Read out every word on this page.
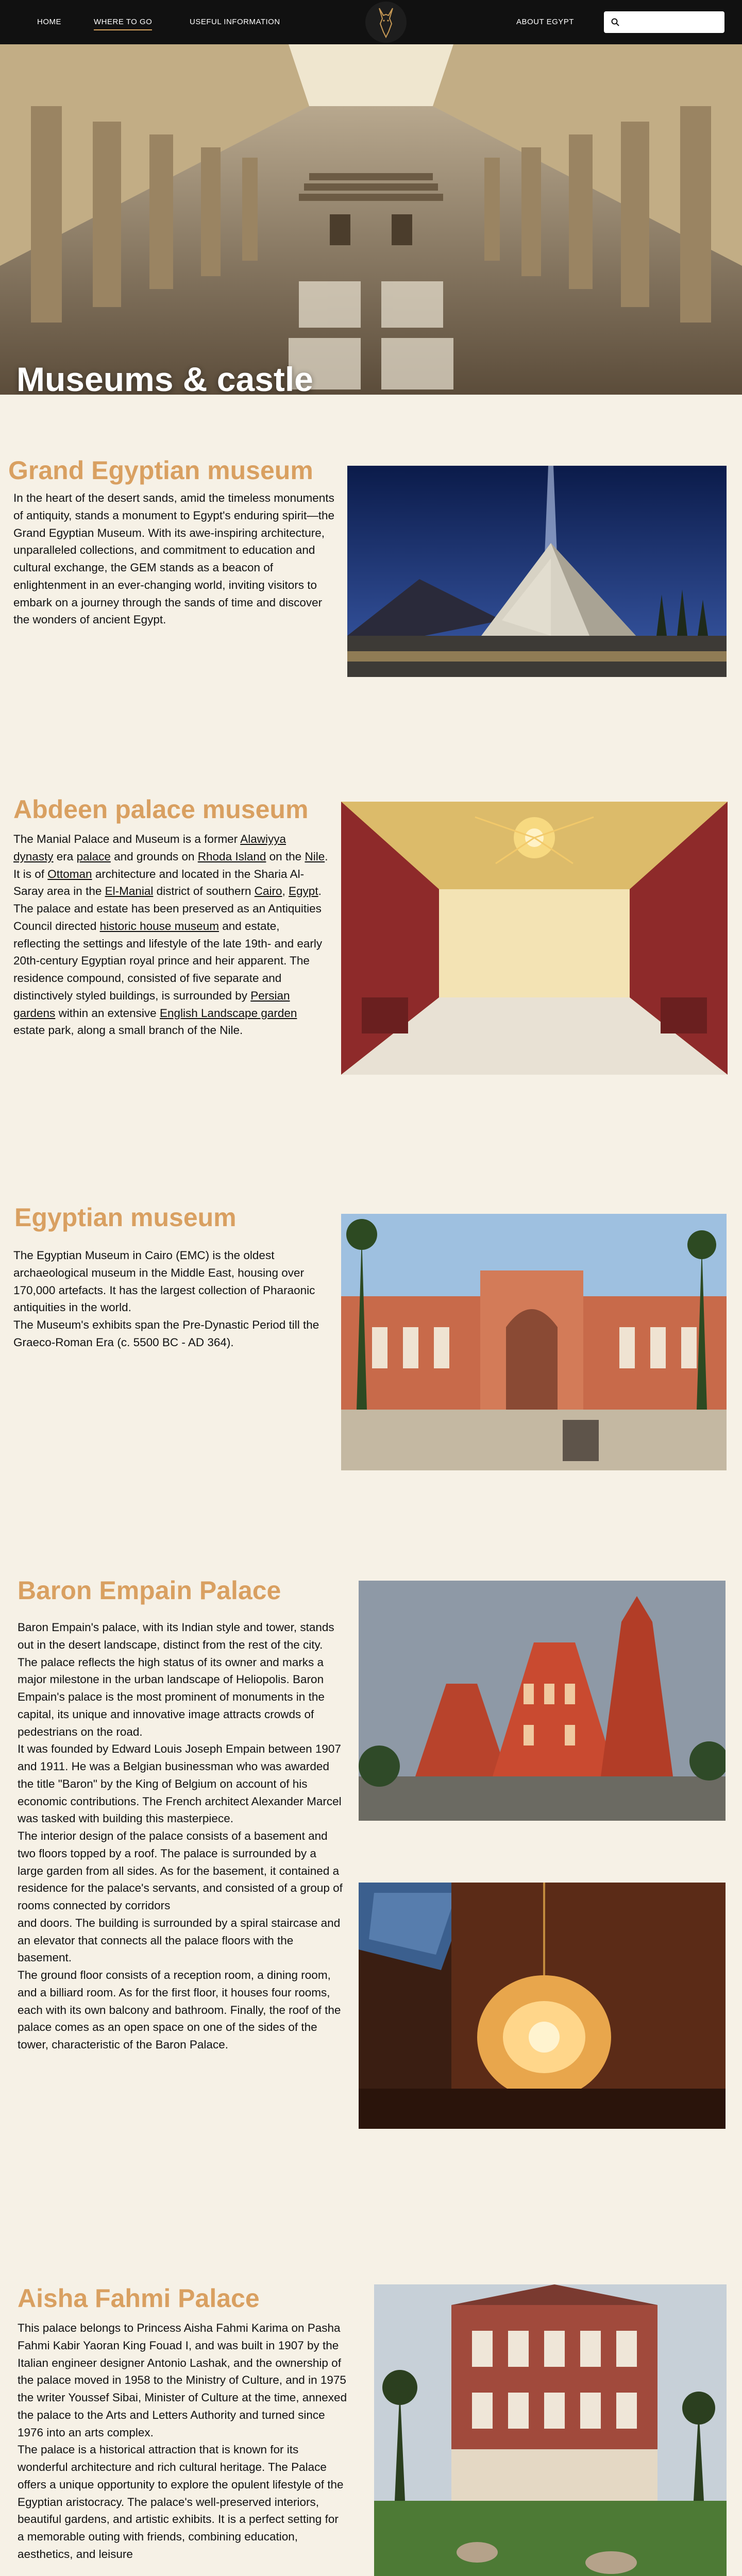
HOME	WHERE TO GO	USEFUL INFORMATION	ABOUT EGYPT
Museums & castle
Grand Egyptian museum
In the heart of the desert sands, amid the timeless monuments of antiquity, stands a monument to Egypt's enduring spirit—the Grand Egyptian Museum. With its awe-inspiring architecture, unparalleled collections, and commitment to education and cultural exchange, the GEM stands as a beacon of enlightenment in an ever-changing world, inviting visitors to embark on a journey through the sands of time and discover the wonders of ancient Egypt.
Abdeen palace museum
The Manial Palace and Museum is a former Alawiyya dynasty era palace and grounds on Rhoda Island on the Nile. It is of Ottoman architecture and located in the Sharia Al-Saray area in the El-Manial district of southern Cairo, Egypt. The palace and estate has been preserved as an Antiquities Council directed historic house museum and estate, reflecting the settings and lifestyle of the late 19th- and early 20th-century Egyptian royal prince and heir apparent. The residence compound, consisted of five separate and distinctively styled buildings, is surrounded by Persian gardens within an extensive English Landscape garden estate park, along a small branch of the Nile.
Egyptian museum

The Egyptian Museum in Cairo (EMC) is the oldest archaeological museum in the Middle East, housing over 170,000 artefacts. It has the largest collection of Pharaonic antiquities in the world.

The Museum's exhibits span the Pre-Dynastic Period till the Graeco-Roman Era (c. 5500 BC - AD 364).

Baron Empain Palace

Baron Empain's palace, with its Indian style and tower, stands out in the desert landscape, distinct from the rest of the city. The palace reflects the high status of its owner and marks a major milestone in the urban landscape of Heliopolis. Baron Empain's palace is the most prominent of monuments in the capital, its unique and innovative image attracts crowds of pedestrians on the road.

It was founded by Edward Louis Joseph Empain between 1907 and 1911. He was a Belgian businessman who was awarded the title "Baron" by the King of Belgium on account of his economic contributions. The French architect Alexander Marcel was tasked with building this masterpiece.

The interior design of the palace consists of a basement and two floors topped by a roof. The palace is surrounded by a large garden from all sides. As for the basement, it contained a residence for the palace's servants, and consisted of a group of rooms connected by corridors

and doors. The building is surrounded by a spiral staircase and an elevator that connects all the palace floors with the basement.

The ground floor consists of a reception room, a dining room, and a billiard room. As for the first floor, it houses four rooms, each with its own balcony and bathroom. Finally, the roof of the palace comes as an open space on one of the sides of the tower, characteristic of the Baron Palace.

Aisha Fahmi Palace

This palace belongs to Princess Aisha Fahmi Karima on Pasha Fahmi Kabir Yaoran King Fouad I, and was built in 1907 by the Italian engineer designer Antonio Lashak, and the ownership of the palace moved in 1958 to the Ministry of Culture, and in 1975 the writer Youssef Sibai, Minister of Culture at the time, annexed the palace to the Arts and Letters Authority and turned since 1976 into an arts complex.

The palace is a historical attraction that is known for its wonderful architecture and rich cultural heritage. The Palace offers a unique opportunity to explore the opulent lifestyle of the Egyptian aristocracy. The palace's well-preserved interiors, beautiful gardens, and artistic exhibits. It is a perfect setting for a memorable outing with friends, combining education, aesthetics, and leisure
